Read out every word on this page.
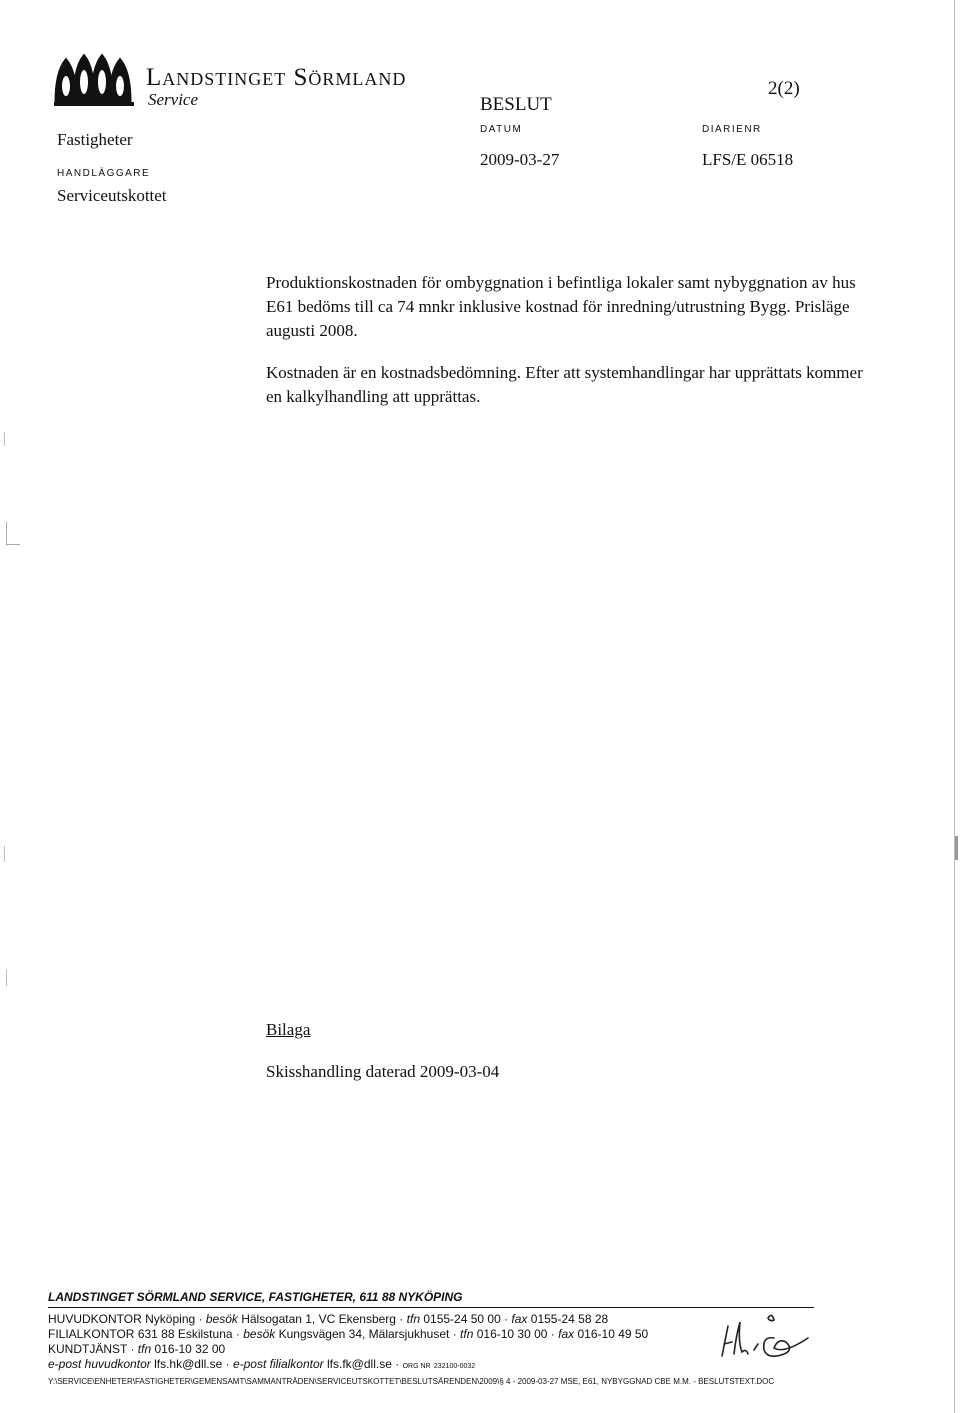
Landstinget Sörmland
Service
2(2)
BESLUT
Fastigheter
HANDLÄGGARE
Serviceutskottet
DATUM
2009-03-27
DIARIENR
LFS/E 06518
Produktionskostnaden för ombyggnation i befintliga lokaler samt nybyggnation av hus E61 bedöms till ca 74 mnkr inklusive kostnad för inredning/utrustning Bygg. Prisläge augusti 2008.
Kostnaden är en kostnadsbedömning. Efter att systemhandlingar har upprättats kommer en kalkylhandling att upprättas.
Bilaga
Skisshandling daterad 2009-03-04
LANDSTINGET SÖRMLAND SERVICE, FASTIGHETER, 611 88 NYKÖPING
HUVUDKONTOR Nyköping · besök Hälsogatan 1, VC Ekensberg · tfn 0155-24 50 00 · fax 0155-24 58 28
FILIALKONTOR 631 88 Eskilstuna · besök Kungsvägen 34, Mälarsjukhuset · tfn 016-10 30 00 · fax 016-10 49 50
KUNDTJÄNST · tfn 016-10 32 00
e-post huvudkontor lfs.hk@dll.se · e-post filialkontor lfs.fk@dll.se · ORG NR 232100-0032
Y:\SERVICE\ENHETER\FASTIGHETER\GEMENSAMT\SAMMANTRÄDEN\SERVICEUTSKOTTET\BESLUTSÄRENDEN\2009\§ 4 - 2009-03-27 MSE, E61, NYBYGGNAD CBE M.M. - BESLUTSTEXT.DOC
